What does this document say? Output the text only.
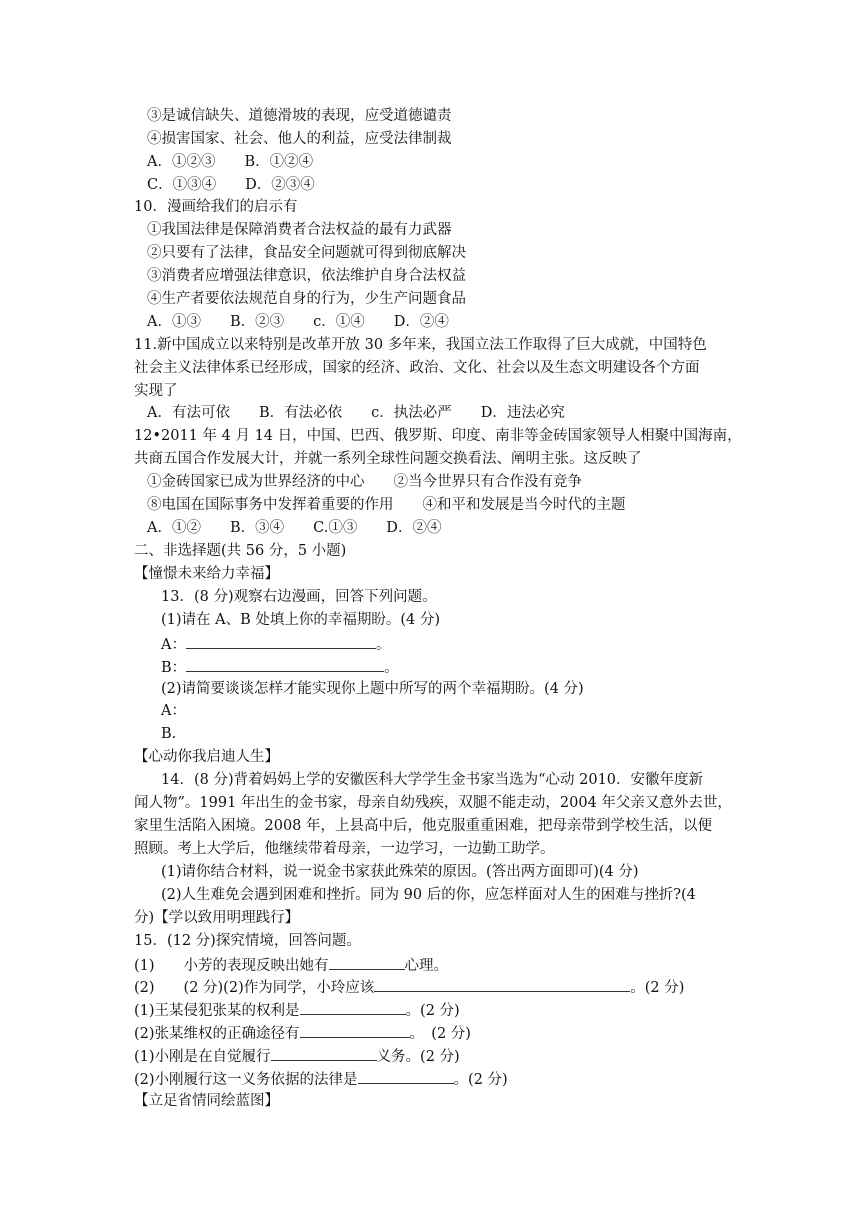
③是诚信缺失、道德滑坡的表现，应受道德谴责
④损害国家、社会、他人的利益，应受法律制裁
A．①②③　　B．①②④
C．①③④　　D．②③④
10．漫画给我们的启示有
①我国法律是保障消费者合法权益的最有力武器
②只要有了法律，食品安全问题就可得到彻底解决
③消费者应增强法律意识，依法维护自身合法权益
④生产者要依法规范自身的行为，少生产问题食品
A．①③　　B．②③　　c．①④　　D．②④
11.新中国成立以来特别是改革开放 30 多年来，我国立法工作取得了巨大成就，中国特色
社会主义法律体系已经形成，国家的经济、政治、文化、社会以及生态文明建设各个方面
实现了
A．有法可依　　B．有法必依　　c．执法必严　　D．违法必究
12•2011 年 4 月 14 日，中国、巴西、俄罗斯、印度、南非等金砖国家领导人相聚中国海南，
共商五国合作发展大计，并就一系列全球性问题交换看法、阐明主张。这反映了
①金砖国家已成为世界经济的中心　　②当今世界只有合作没有竞争
⑧电国在国际事务中发挥着重要的作用　　④和平和发展是当今时代的主题
A．①②　　B．③④　　C.①③　　D．②④
二、非选择题(共 56 分，5 小题)
【憧憬未来给力幸福】
13．(8 分)观察右边漫画，回答下列问题。
(1)请在 A、B 处填上你的幸福期盼。(4 分)
A：	。
B：	。
(2)请简要谈谈怎样才能实现你上题中所写的两个幸福期盼。(4 分)
A：
B.
【心动你我启迪人生】
14．(8 分)背着妈妈上学的安徽医科大学学生金书家当选为“心动 2010．安徽年度新
闻人物”。1991 年出生的金书家，母亲自幼残疾，双腿不能走动，2004 年父亲又意外去世，
家里生活陷入困境。2008 年，上县高中后，他克服重重困难，把母亲带到学校生活，以便
照顾。考上大学后，他继续带着母亲，一边学习，一边勤工助学。
(1)请你结合材料，说一说金书家获此殊荣的原因。(答出两方面即可)(4 分)
(2)人生难免会遇到困难和挫折。同为 90 后的你，应怎样面对人生的困难与挫折?(4
分)【学以致用明理践行】
15．(12 分)探究情境，回答问题。
(1)　　小芳的表现反映出她有	心理。
(2)　　(2 分)(2)作为同学，小玲应该	。(2 分)
(1)王某侵犯张某的权利是	。(2 分)
(2)张某维权的正确途径有	。　(2 分)
(1)小刚是在自觉履行	义务。(2 分)
(2)小刚履行这一义务依据的法律是	。(2 分)
【立足省情同绘蓝图】
